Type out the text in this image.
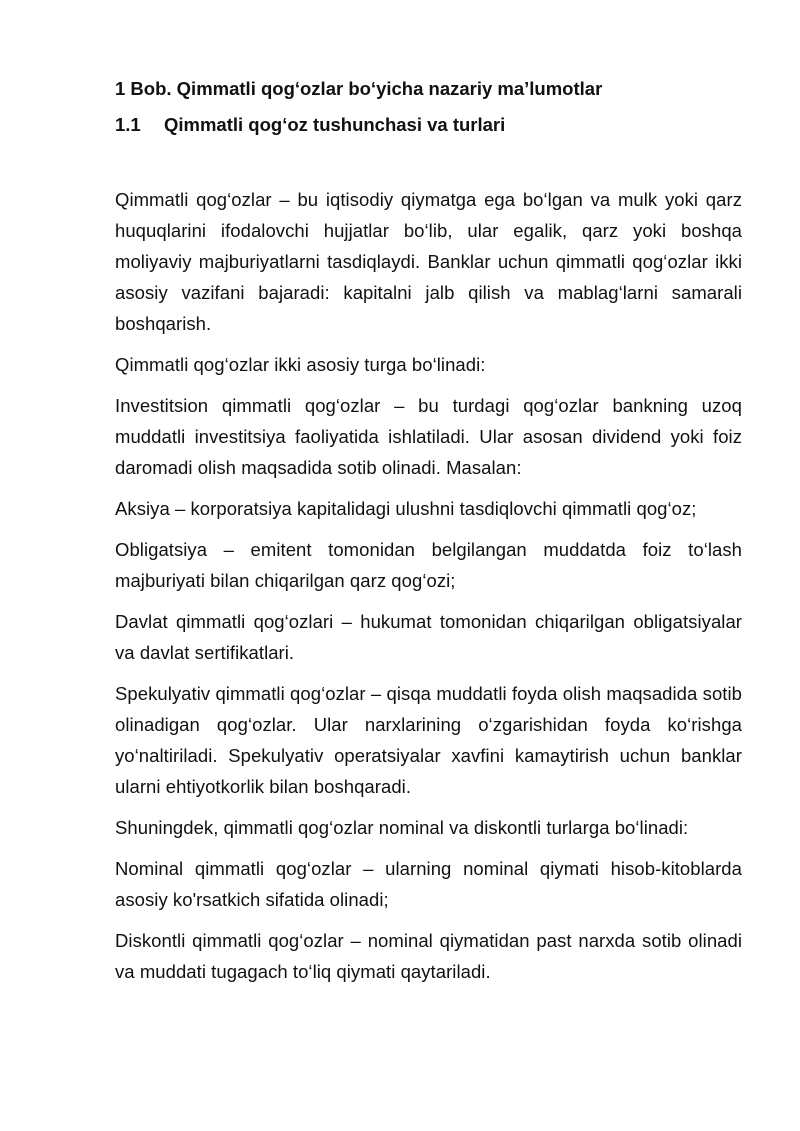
1 Bob. Qimmatli qog‘ozlar bo‘yicha nazariy ma’lumotlar
1.1	Qimmatli qog‘oz tushunchasi va turlari

Qimmatli qog‘ozlar – bu iqtisodiy qiymatga ega bo‘lgan va mulk yoki qarz huquqlarini ifodalovchi hujjatlar bo‘lib, ular egalik, qarz yoki boshqa moliyaviy majburiyatlarni tasdiqlaydi. Banklar uchun qimmatli qog‘ozlar ikki asosiy vazifani bajaradi: kapitalni jalb qilish va mablag‘larni samarali boshqarish.

Qimmatli qog‘ozlar ikki asosiy turga bo‘linadi:

Investitsion qimmatli qog‘ozlar – bu turdagi qog‘ozlar bankning uzoq muddatli investitsiya faoliyatida ishlatiladi. Ular asosan dividend yoki foiz daromadi olish maqsadida sotib olinadi. Masalan:

Aksiya – korporatsiya kapitalidagi ulushni tasdiqlovchi qimmatli qog‘oz;

Obligatsiya – emitent tomonidan belgilangan muddatda foiz to‘lash majburiyati bilan chiqarilgan qarz qog‘ozi;

Davlat qimmatli qog‘ozlari – hukumat tomonidan chiqarilgan obligatsiyalar va davlat sertifikatlari.

Spekulyativ qimmatli qog‘ozlar – qisqa muddatli foyda olish maqsadida sotib olinadigan qog‘ozlar. Ular narxlarining o‘zgarishidan foyda ko‘rishga yo‘naltiriladi. Spekulyativ operatsiyalar xavfini kamaytirish uchun banklar ularni ehtiyotkorlik bilan boshqaradi.

Shuningdek, qimmatli qog‘ozlar nominal va diskontli turlarga bo‘linadi:

Nominal qimmatli qog‘ozlar – ularning nominal qiymati hisob-kitoblarda asosiy ko'rsatkich sifatida olinadi;

Diskontli qimmatli qog‘ozlar – nominal qiymatidan past narxda sotib olinadi va muddati tugagach to‘liq qiymati qaytariladi.
